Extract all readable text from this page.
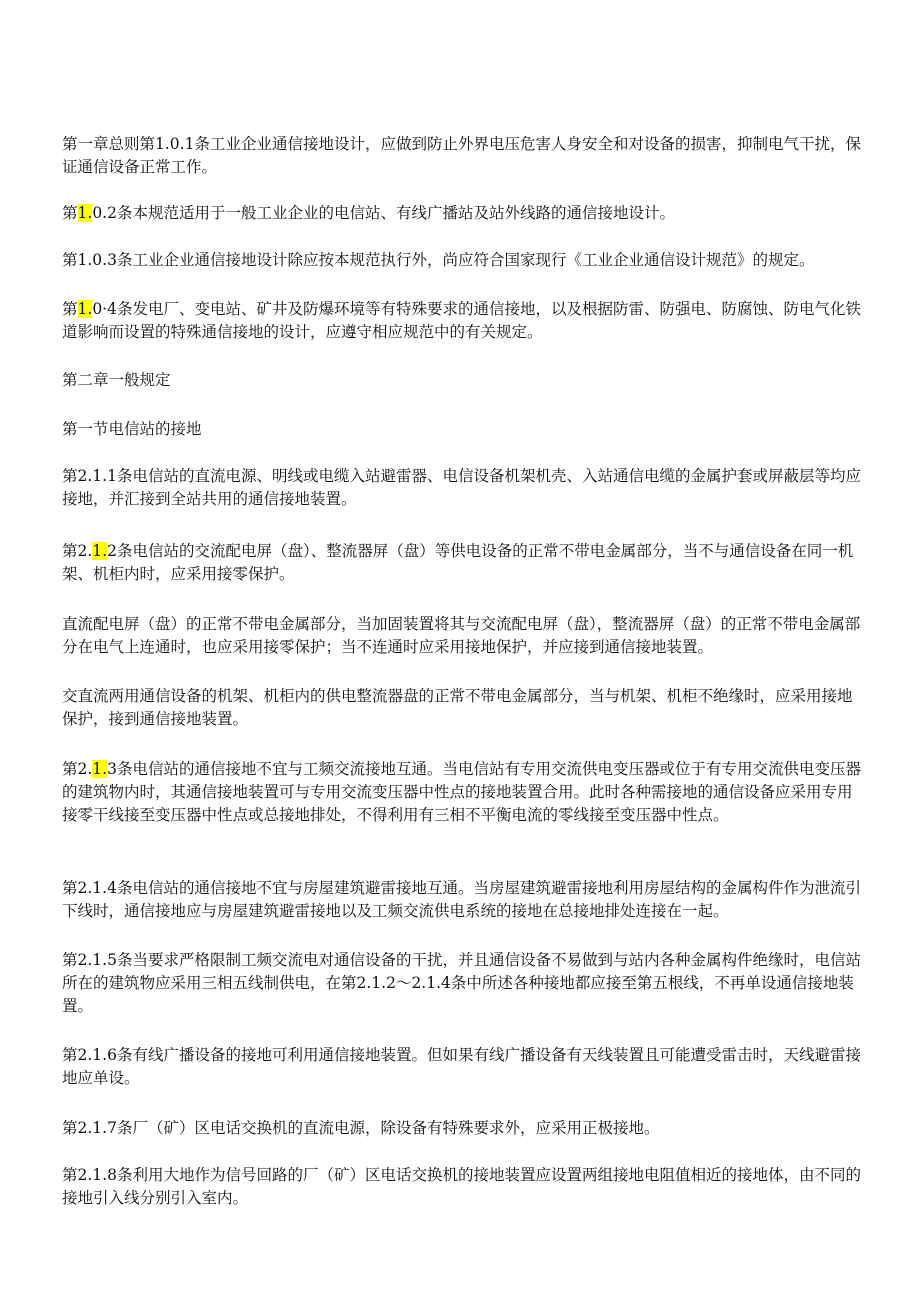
第一章总则第1.0.1条工业企业通信接地设计，应做到防止外界电压危害人身安全和对设备的损害，抑制电气干扰，保证通信设备正常工作。

第1.0.2条本规范适用于一般工业企业的电信站、有线广播站及站外线路的通信接地设计。

第1.0.3条工业企业通信接地设计除应按本规范执行外，尚应符合国家现行《工业企业通信设计规范》的规定。

第1.0·4条发电厂、变电站、矿井及防爆环境等有特殊要求的通信接地，以及根据防雷、防强电、防腐蚀、防电气化铁道影响而设置的特殊通信接地的设计，应遵守相应规范中的有关规定。

第二章一般规定

第一节电信站的接地

第2.1.1条电信站的直流电源、明线或电缆入站避雷器、电信设备机架机壳、入站通信电缆的金属护套或屏蔽层等均应接地，并汇接到全站共用的通信接地装置。

第2.1.2条电信站的交流配电屏（盘）、整流器屏（盘）等供电设备的正常不带电金属部分，当不与通信设备在同一机架、机柜内时，应采用接零保护。

直流配电屏（盘）的正常不带电金属部分，当加固装置将其与交流配电屏（盘），整流器屏（盘）的正常不带电金属部分在电气上连通时，也应采用接零保护；当不连通时应采用接地保护，并应接到通信接地装置。

交直流两用通信设备的机架、机柜内的供电整流器盘的正常不带电金属部分，当与机架、机柜不绝缘时，应采用接地保护，接到通信接地装置。

第2.1.3条电信站的通信接地不宜与工频交流接地互通。当电信站有专用交流供电变压器或位于有专用交流供电变压器的建筑物内时，其通信接地装置可与专用交流变压器中性点的接地装置合用。此时各种需接地的通信设备应采用专用接零干线接至变压器中性点或总接地排处，不得利用有三相不平衡电流的零线接至变压器中性点。

第2.1.4条电信站的通信接地不宜与房屋建筑避雷接地互通。当房屋建筑避雷接地利用房屋结构的金属构件作为泄流引下线时，通信接地应与房屋建筑避雷接地以及工频交流供电系统的接地在总接地排处连接在一起。

第2.1.5条当要求严格限制工频交流电对通信设备的干扰，并且通信设备不易做到与站内各种金属构件绝缘时，电信站所在的建筑物应采用三相五线制供电，在第2.1.2～2.1.4条中所述各种接地都应接至第五根线，不再单设通信接地装置。

第2.1.6条有线广播设备的接地可利用通信接地装置。但如果有线广播设备有天线装置且可能遭受雷击时，天线避雷接地应单设。

第2.1.7条厂（矿）区电话交换机的直流电源，除设备有特殊要求外，应采用正极接地。

第2.1.8条利用大地作为信号回路的厂（矿）区电话交换机的接地装置应设置两组接地电阻值相近的接地体，由不同的接地引入线分别引入室内。
